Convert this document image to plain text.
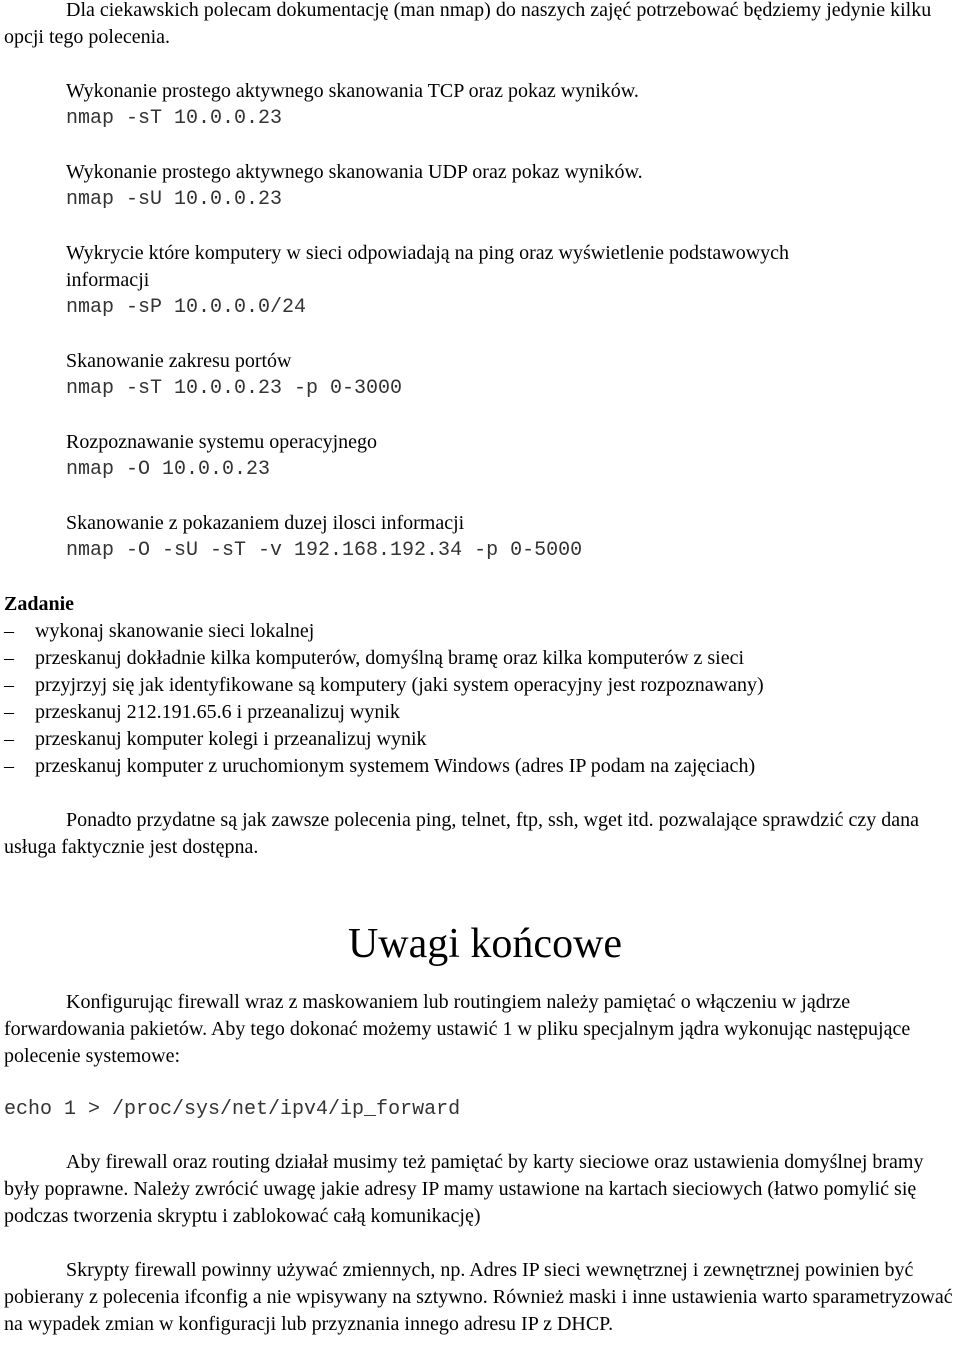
Dla ciekawskich polecam dokumentację (man nmap) do naszych zajęć potrzebować będziemy jedynie kilku opcji tego polecenia.

Wykonanie prostego aktywnego skanowania TCP oraz pokaz wyników.

nmap -sT 10.0.0.23

Wykonanie prostego aktywnego skanowania UDP oraz pokaz wyników.

nmap -sU 10.0.0.23

Wykrycie które komputery w sieci odpowiadają na ping oraz wyświetlenie podstawowych informacji

nmap -sP 10.0.0.0/24

Skanowanie zakresu portów

nmap -sT 10.0.0.23 -p 0-3000

Rozpoznawanie systemu operacyjnego

nmap -O 10.0.0.23

Skanowanie z pokazaniem duzej ilosci informacji

nmap -O -sU -sT -v 192.168.192.34 -p 0-5000

Zadanie

– wykonaj skanowanie sieci lokalnej
– przeskanuj dokładnie kilka komputerów, domyślną bramę oraz kilka komputerów z sieci
– przyjrzyj się jak identyfikowane są komputery (jaki system operacyjny jest rozpoznawany)
– przeskanuj 212.191.65.6 i przeanalizuj wynik
– przeskanuj komputer kolegi i przeanalizuj wynik
– przeskanuj komputer z uruchomionym systemem Windows (adres IP podam na zajęciach)

Ponadto przydatne są jak zawsze polecenia ping, telnet, ftp, ssh, wget itd. pozwalające sprawdzić czy dana usługa faktycznie jest dostępna.

Uwagi końcowe

Konfigurując firewall wraz z maskowaniem lub routingiem należy pamiętać o włączeniu w jądrze forwardowania pakietów. Aby tego dokonać możemy ustawić 1 w pliku specjalnym jądra wykonując następujące polecenie systemowe:

echo 1 > /proc/sys/net/ipv4/ip_forward

Aby firewall oraz routing działał musimy też pamiętać by karty sieciowe oraz ustawienia domyślnej bramy były poprawne. Należy zwrócić uwagę jakie adresy IP mamy ustawione na kartach sieciowych (łatwo pomylić się podczas tworzenia skryptu i zablokować całą komunikację)

Skrypty firewall powinny używać zmiennych, np. Adres IP sieci wewnętrznej i zewnętrznej powinien być pobierany z polecenia ifconfig a nie wpisywany na sztywno. Również maski i inne ustawienia warto sparametryzować na wypadek zmian w konfiguracji lub przyznania innego adresu IP z DHCP.
